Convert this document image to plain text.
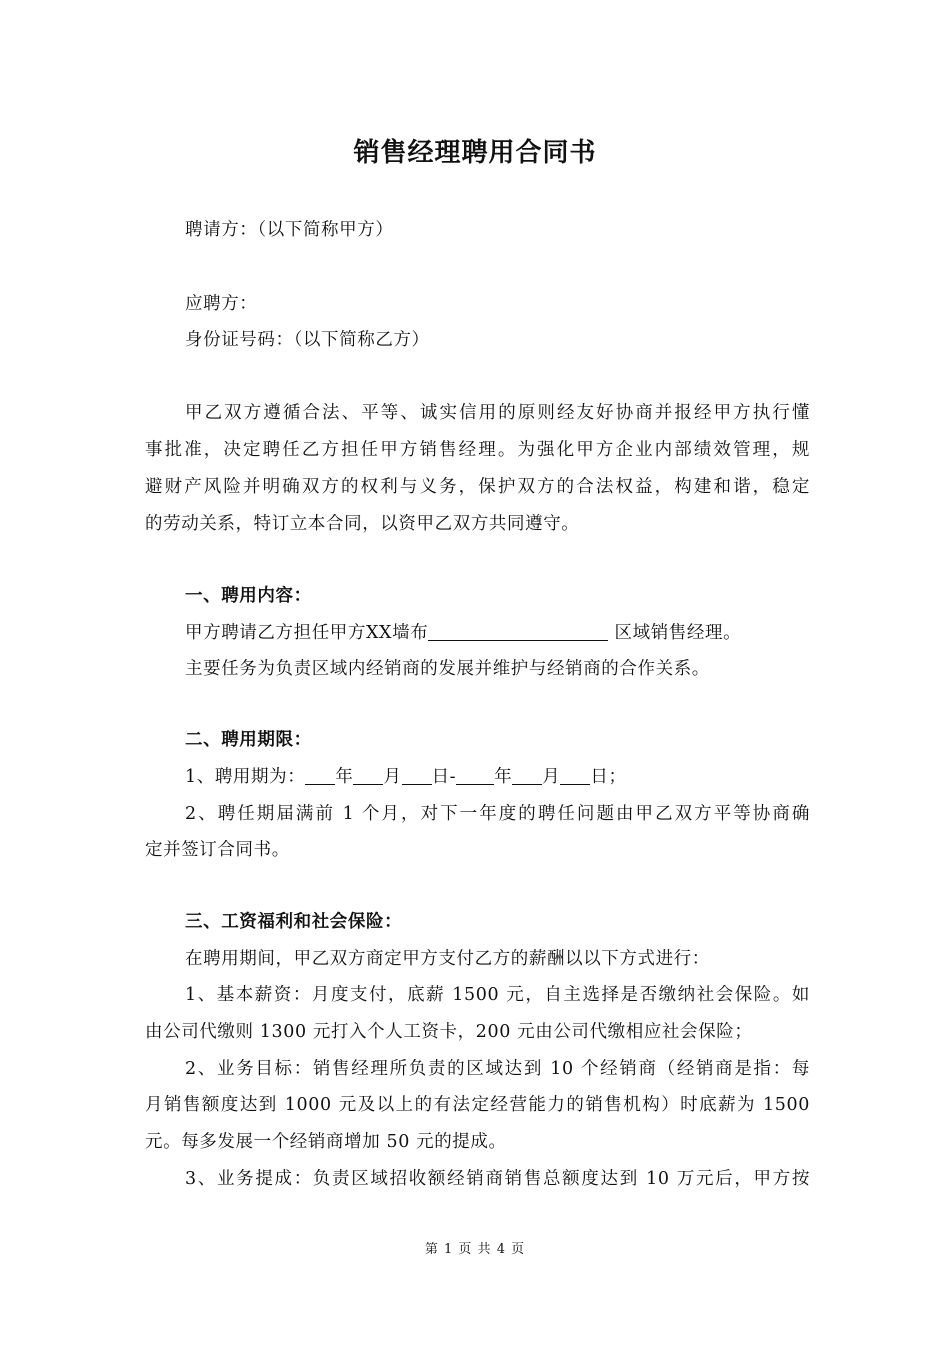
销售经理聘用合同书
聘请方：（以下简称甲方）
应聘方：
身份证号码：（以下简称乙方）
甲乙双方遵循合法、平等、诚实信用的原则经友好协商并报经甲方执行懂
事批准，决定聘任乙方担任甲方销售经理。为强化甲方企业内部绩效管理，规
避财产风险并明确双方的权利与义务，保护双方的合法权益，构建和谐，稳定
的劳动关系，特订立本合同，以资甲乙双方共同遵守。
一、聘用内容：
甲方聘请乙方担任甲方XX墙布	区域销售经理。
主要任务为负责区域内经销商的发展并维护与经销商的合作关系。
二、聘用期限：
1、聘用期为： 年 月 日- 年 月 日；
2、聘任期届满前 1 个月，对下一年度的聘任问题由甲乙双方平等协商确
定并签订合同书。
三、工资福利和社会保险：
在聘用期间，甲乙双方商定甲方支付乙方的薪酬以以下方式进行：
1、基本薪资：月度支付，底薪 1500 元，自主选择是否缴纳社会保险。如
由公司代缴则 1300 元打入个人工资卡，200 元由公司代缴相应社会保险；
2、业务目标：销售经理所负责的区域达到 10 个经销商（经销商是指：每
月销售额度达到 1000 元及以上的有法定经营能力的销售机构）时底薪为 1500
元。每多发展一个经销商增加 50 元的提成。
3、业务提成：负责区域招收额经销商销售总额度达到 10 万元后，甲方按
第 1 页 共 4 页
